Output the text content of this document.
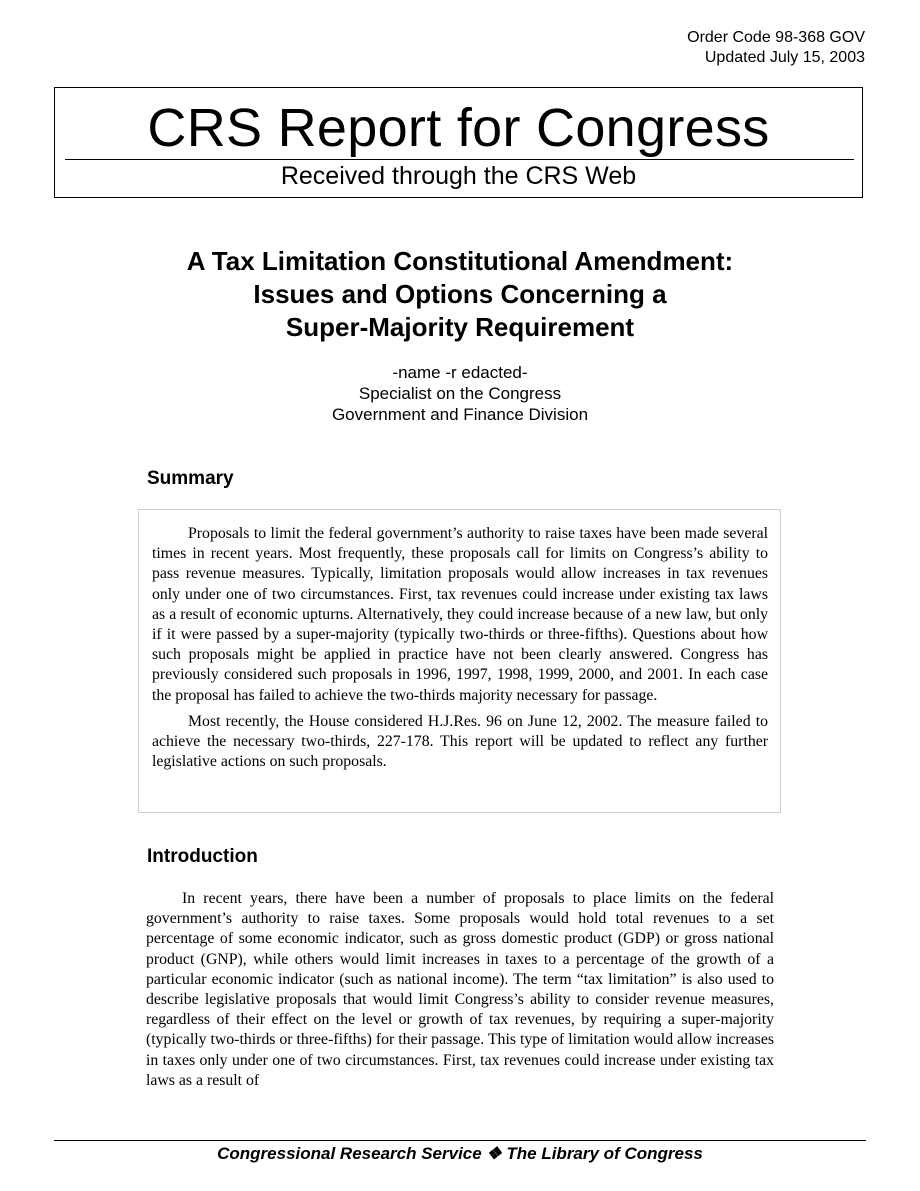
Order Code 98-368 GOV
Updated July 15, 2003
CRS Report for Congress
Received through the CRS Web
A Tax Limitation Constitutional Amendment:
Issues and Options Concerning a
Super-Majority Requirement
-name -r edacted-
Specialist on the Congress
Government and Finance Division
Summary

Proposals to limit the federal government’s authority to raise taxes have been made several times in recent years. Most frequently, these proposals call for limits on Congress’s ability to pass revenue measures. Typically, limitation proposals would allow increases in tax revenues only under one of two circumstances. First, tax revenues could increase under existing tax laws as a result of economic upturns. Alternatively, they could increase because of a new law, but only if it were passed by a super-majority (typically two-thirds or three-fifths). Questions about how such proposals might be applied in practice have not been clearly answered. Congress has previously considered such proposals in 1996, 1997, 1998, 1999, 2000, and 2001. In each case the proposal has failed to achieve the two-thirds majority necessary for passage.

Most recently, the House considered H.J.Res. 96 on June 12, 2002. The measure failed to achieve the necessary two-thirds, 227-178. This report will be updated to reflect any further legislative actions on such proposals.

Introduction

In recent years, there have been a number of proposals to place limits on the federal government’s authority to raise taxes. Some proposals would hold total revenues to a set percentage of some economic indicator, such as gross domestic product (GDP) or gross national product (GNP), while others would limit increases in taxes to a percentage of the growth of a particular economic indicator (such as national income). The term “tax limitation” is also used to describe legislative proposals that would limit Congress’s ability to consider revenue measures, regardless of their effect on the level or growth of tax revenues, by requiring a super-majority (typically two-thirds or three-fifths) for their passage. This type of limitation would allow increases in taxes only under one of two circumstances. First, tax revenues could increase under existing tax laws as a result of

Congressional Research Service ❖ The Library of Congress
